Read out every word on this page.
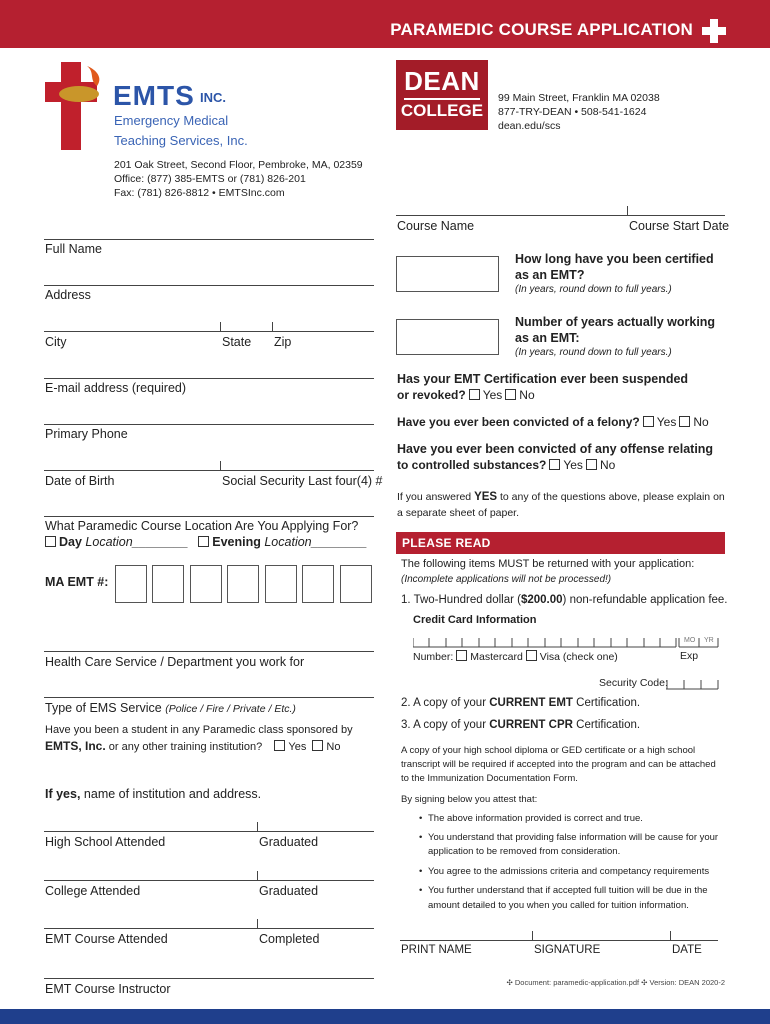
PARAMEDIC COURSE APPLICATION
EMTS INC.
Emergency Medical
Teaching Services, Inc.
201 Oak Street, Second Floor, Pembroke, MA, 02359
Office: (877) 385-EMTS or (781) 826-201
Fax: (781) 826-8812 • EMTSInc.com
DEAN
COLLEGE
99 Main Street, Franklin MA 02038
877-TRY-DEAN • 508-541-1624
dean.edu/scs
Full Name
Address
City	State Zip
E-mail address (required)
Primary Phone
Date of Birth	Social Security Last four(4) #
What Paramedic Course Location Are You Applying For?
Day Location________ Evening Location________
MA EMT #:
Health Care Service / Department you work for
Type of EMS Service (Police / Fire / Private / Etc.)
Have you been a student in any Paramedic class sponsored by
EMTS, Inc. or any other training institution? Yes No
If yes, name of institution and address.
High School Attended	Graduated
College Attended	Graduated
EMT Course Attended	Completed
EMT Course Instructor
Course Name	Course Start Date
How long have you been certified
as an EMT?
(In years, round down to full years.)
Number of years actually working
as an EMT:
(In years, round down to full years.)
Has your EMT Certification ever been suspended
or revoked? Yes No
Have you ever been convicted of a felony? Yes No
Have you ever been convicted of any offense relating
to controlled substances? Yes No
If you answered YES to any of the questions above, please explain on
a separate sheet of paper.
PLEASE READ
The following items MUST be returned with your application:
(Incomplete applications will not be processed!)
1. Two-Hundred dollar ($200.00) non-refundable application fee.
Credit Card Information
MO YR
Number: Mastercard Visa (check one)	Exp
Security Code:
2. A copy of your CURRENT EMT Certification.
3. A copy of your CURRENT CPR Certification.
A copy of your high school diploma or GED certificate or a high school
transcript will be required if accepted into the program and can be attached
to the Immunization Documentation Form.
By signing below you attest that:
• The above information provided is correct and true.
• You understand that providing false information will be cause for your
application to be removed from consideration.
• You agree to the admissions criteria and competancy requirements
• You further understand that if accepted full tuition will be due in the
amount detailed to you when you called for tuition information.
PRINT NAME	SIGNATURE	DATE
✣ Document: paramedic-application.pdf ✣ Version: DEAN 2020-2
